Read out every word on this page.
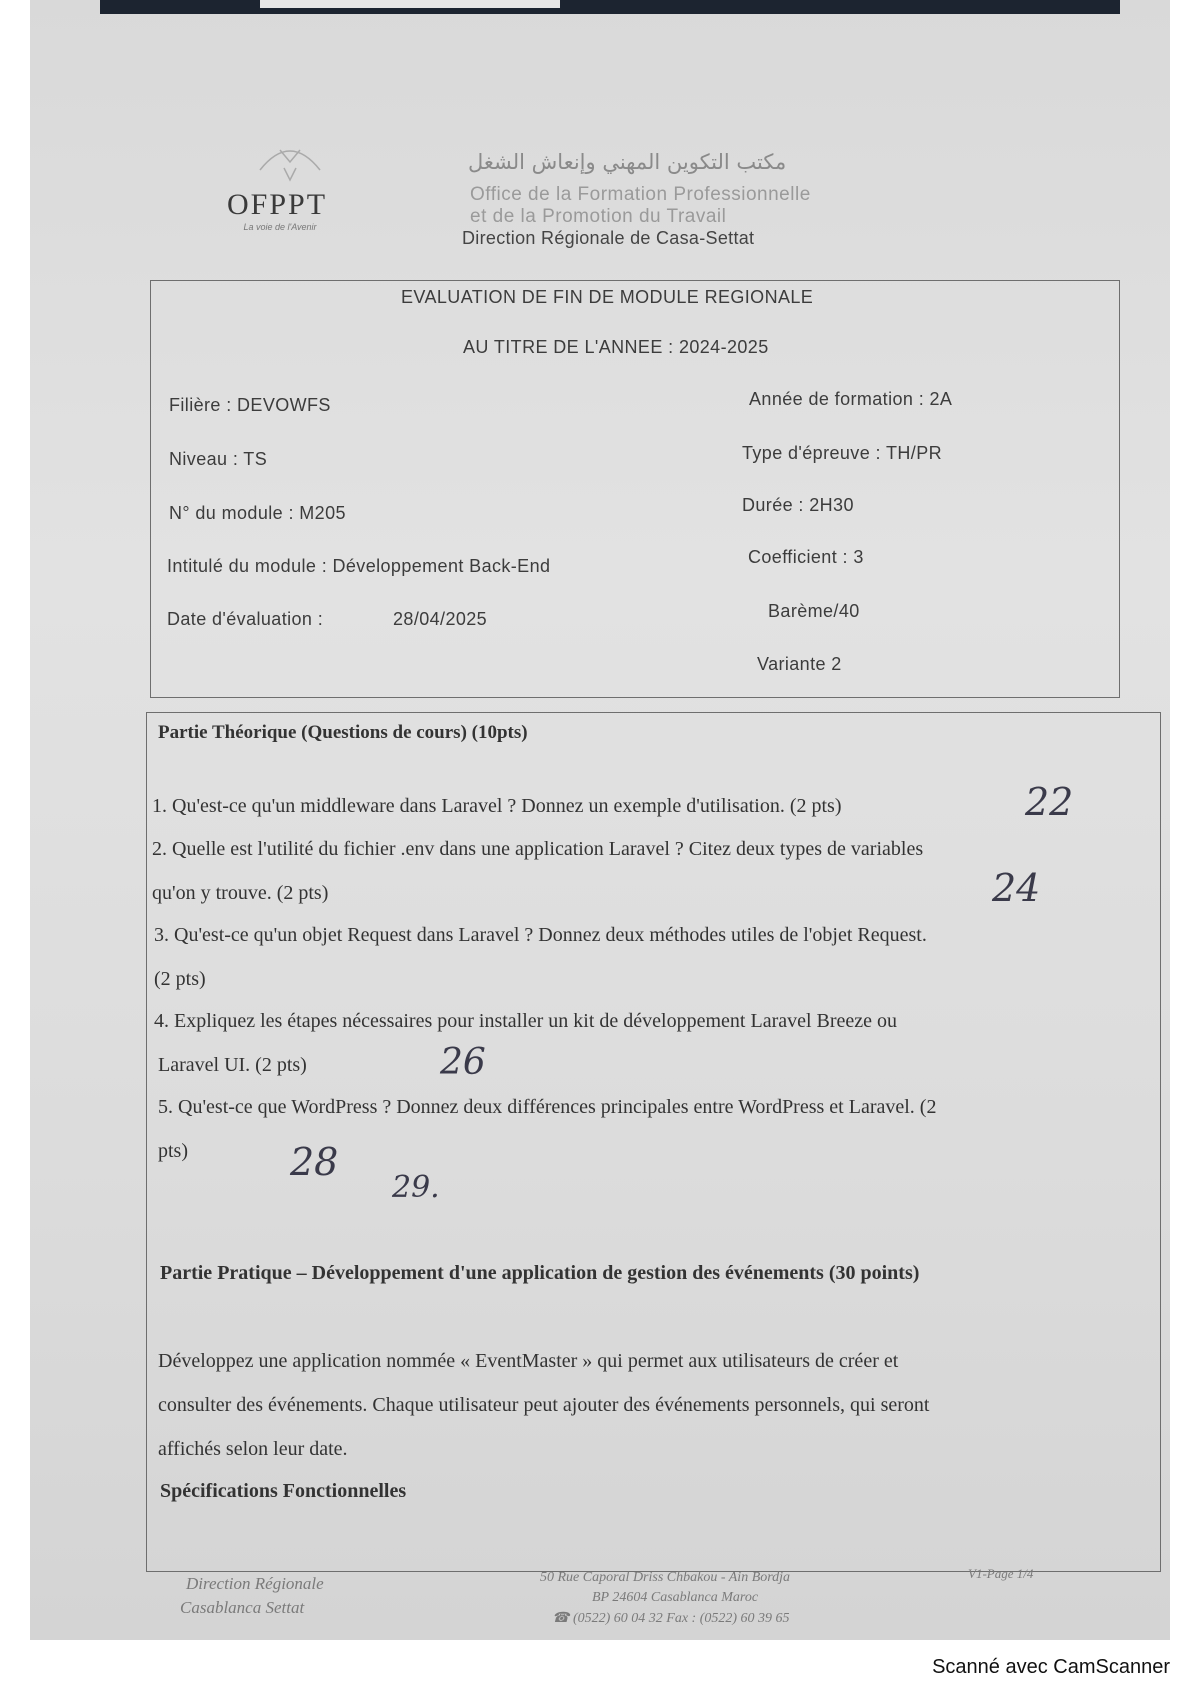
OFPPT
La voie de l'Avenir
مكتب التكوين المهني وإنعاش الشغل
Office de la Formation Professionnelle
et de la Promotion du Travail
Direction Régionale de Casa-Settat
EVALUATION DE FIN DE MODULE REGIONALE
AU TITRE DE L'ANNEE : 2024-2025
Filière : DEVOWFS
Niveau : TS
N° du module : M205
Intitulé du module : Développement Back-End
Date d'évaluation :	28/04/2025
Année de formation : 2A
Type d'épreuve : TH/PR
Durée : 2H30
Coefficient : 3
Barème/40
Variante 2
Partie Théorique (Questions de cours) (10pts)
1. Qu'est-ce qu'un middleware dans Laravel ? Donnez un exemple d'utilisation. (2 pts)
2. Quelle est l'utilité du fichier .env dans une application Laravel ? Citez deux types de variables
qu'on y trouve. (2 pts)
3. Qu'est-ce qu'un objet Request dans Laravel ? Donnez deux méthodes utiles de l'objet Request.
(2 pts)
4. Expliquez les étapes nécessaires pour installer un kit de développement Laravel Breeze ou
Laravel UI. (2 pts)
5. Qu'est-ce que WordPress ? Donnez deux différences principales entre WordPress et Laravel. (2
pts)
22
24
26
28
29.
Partie Pratique – Développement d'une application de gestion des événements (30 points)
Développez une application nommée « EventMaster » qui permet aux utilisateurs de créer et
consulter des événements. Chaque utilisateur peut ajouter des événements personnels, qui seront
affichés selon leur date.
Spécifications Fonctionnelles
Direction Régionale
Casablanca Settat
50 Rue Caporal Driss Chbakou - Ain Bordja
BP 24604 Casablanca Maroc
☎ (0522) 60 04 32 Fax : (0522) 60 39 65
V1-Page 1/4
Scanné avec CamScanner
